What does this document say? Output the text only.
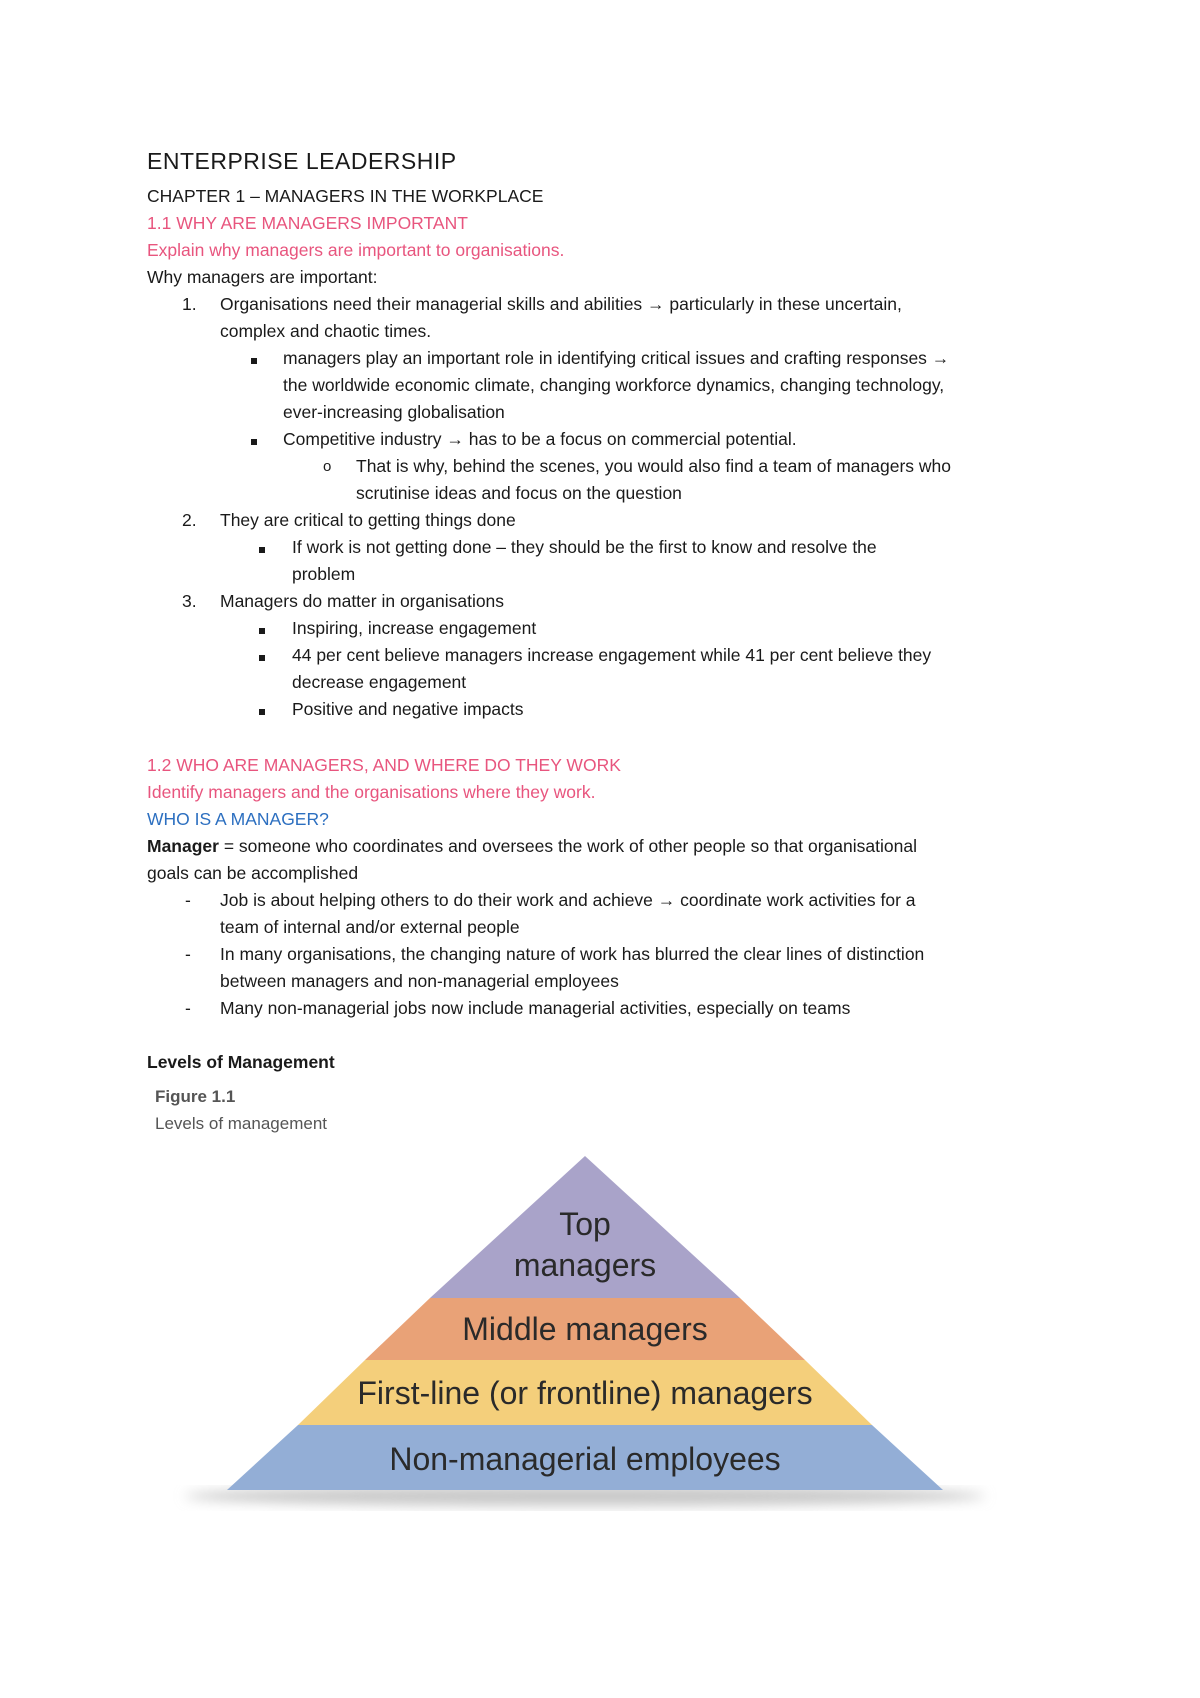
ENTERPRISE LEADERSHIP
CHAPTER 1 – MANAGERS IN THE WORKPLACE
1.1 WHY ARE MANAGERS IMPORTANT
Explain why managers are important to organisations.
Why managers are important:
1. Organisations need their managerial skills and abilities → particularly in these uncertain,
complex and chaotic times.
managers play an important role in identifying critical issues and crafting responses →
the worldwide economic climate, changing workforce dynamics, changing technology,
ever-increasing globalisation
Competitive industry → has to be a focus on commercial potential.
o That is why, behind the scenes, you would also find a team of managers who
scrutinise ideas and focus on the question
2. They are critical to getting things done
If work is not getting done – they should be the first to know and resolve the
problem
3. Managers do matter in organisations
Inspiring, increase engagement
44 per cent believe managers increase engagement while 41 per cent believe they
decrease engagement
Positive and negative impacts
1.2 WHO ARE MANAGERS, AND WHERE DO THEY WORK
Identify managers and the organisations where they work.
WHO IS A MANAGER?
Manager = someone who coordinates and oversees the work of other people so that organisational
goals can be accomplished
- Job is about helping others to do their work and achieve → coordinate work activities for a
team of internal and/or external people
- In many organisations, the changing nature of work has blurred the clear lines of distinction
between managers and non-managerial employees
- Many non-managerial jobs now include managerial activities, especially on teams
Levels of Management
Figure 1.1
Levels of management
Top
managers
Middle managers
First-line (or frontline) managers
Non-managerial employees
